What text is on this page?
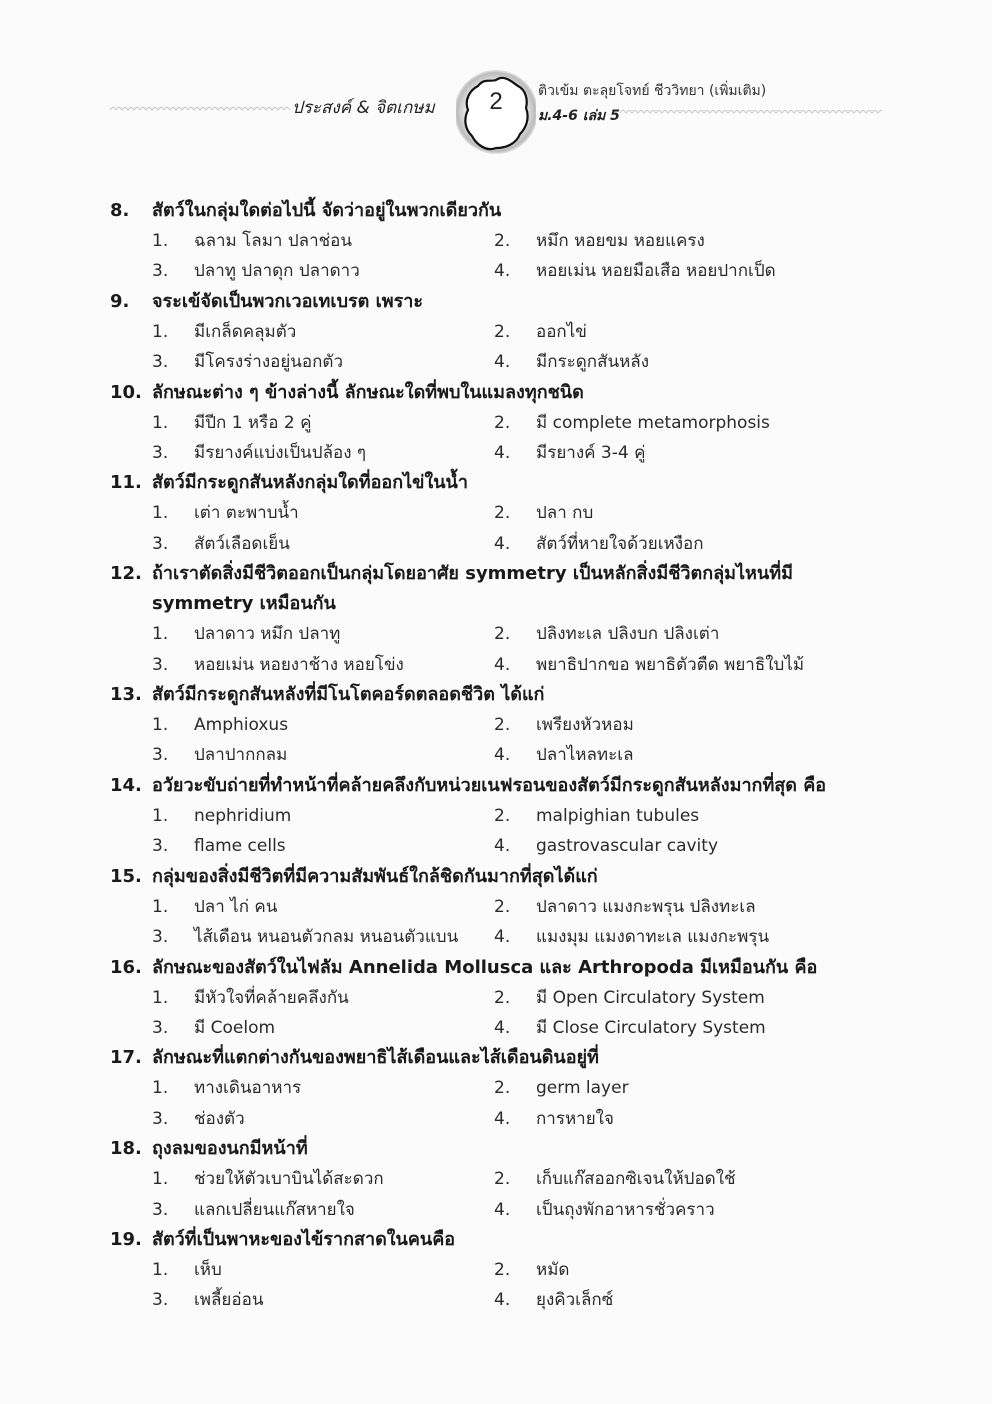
ประสงค์ & จิตเกษม	2	ติวเข้ม ตะลุยโจทย์ ชีววิทยา (เพิ่มเติม)
ม.4-6 เล่ม 5
8.	สัตว์ในกลุ่มใดต่อไปนี้ จัดว่าอยู่ในพวกเดียวกัน
1.	ฉลาม โลมา ปลาช่อน	2.	หมึก หอยขม หอยแครง
3.	ปลาทู ปลาดุก ปลาดาว	4.	หอยเม่น หอยมือเสือ หอยปากเป็ด
9.	จระเข้จัดเป็นพวกเวอเทเบรต เพราะ
1.	มีเกล็ดคลุมตัว	2.	ออกไข่
3.	มีโครงร่างอยู่นอกตัว	4.	มีกระดูกสันหลัง
10. ลักษณะต่าง ๆ ข้างล่างนี้ ลักษณะใดที่พบในแมลงทุกชนิด
1.	มีปีก 1 หรือ 2 คู่	2.	มี complete metamorphosis
3.	มีรยางค์แบ่งเป็นปล้อง ๆ	4.	มีรยางค์ 3-4 คู่
11. สัตว์มีกระดูกสันหลังกลุ่มใดที่ออกไข่ในน้ำ
1.	เต่า ตะพาบน้ำ	2.	ปลา กบ
3.	สัตว์เลือดเย็น	4.	สัตว์ที่หายใจด้วยเหงือก
12. ถ้าเราตัดสิ่งมีชีวิตออกเป็นกลุ่มโดยอาศัย symmetry เป็นหลักสิ่งมีชีวิตกลุ่มไหนที่มี symmetry เหมือนกัน
1.	ปลาดาว หมึก ปลาทู	2.	ปลิงทะเล ปลิงบก ปลิงเต่า
3.	หอยเม่น หอยงาช้าง หอยโข่ง	4.	พยาธิปากขอ พยาธิตัวตืด พยาธิใบไม้
13. สัตว์มีกระดูกสันหลังที่มีโนโตคอร์ดตลอดชีวิต ได้แก่
1.	Amphioxus	2.	เพรียงหัวหอม
3.	ปลาปากกลม	4.	ปลาไหลทะเล
14. อวัยวะขับถ่ายที่ทำหน้าที่คล้ายคลึงกับหน่วยเนฟรอนของสัตว์มีกระดูกสันหลังมากที่สุด คือ
1.	nephridium	2.	malpighian tubules
3.	flame cells	4.	gastrovascular cavity
15. กลุ่มของสิ่งมีชีวิตที่มีความสัมพันธ์ใกล้ชิดกันมากที่สุดได้แก่
1.	ปลา ไก่ คน	2.	ปลาดาว แมงกะพรุน ปลิงทะเล
3.	ไส้เดือน หนอนตัวกลม หนอนตัวแบน	4.	แมงมุม แมงดาทะเล แมงกะพรุน
16. ลักษณะของสัตว์ในไฟลัม Annelida Mollusca และ Arthropoda มีเหมือนกัน คือ
1.	มีหัวใจที่คล้ายคลึงกัน	2.	มี Open Circulatory System
3.	มี Coelom	4.	มี Close Circulatory System
17. ลักษณะที่แตกต่างกันของพยาธิไส้เดือนและไส้เดือนดินอยู่ที่
1.	ทางเดินอาหาร	2.	germ layer
3.	ช่องตัว	4.	การหายใจ
18. ถุงลมของนกมีหน้าที่
1.	ช่วยให้ตัวเบาบินได้สะดวก	2.	เก็บแก๊สออกซิเจนให้ปอดใช้
3.	แลกเปลี่ยนแก๊สหายใจ	4.	เป็นถุงพักอาหารชั่วคราว
19. สัตว์ที่เป็นพาหะของไข้รากสาดในคนคือ
1.	เห็บ	2.	หมัด
3.	เพลี้ยอ่อน	4.	ยุงคิวเล็กซ์
